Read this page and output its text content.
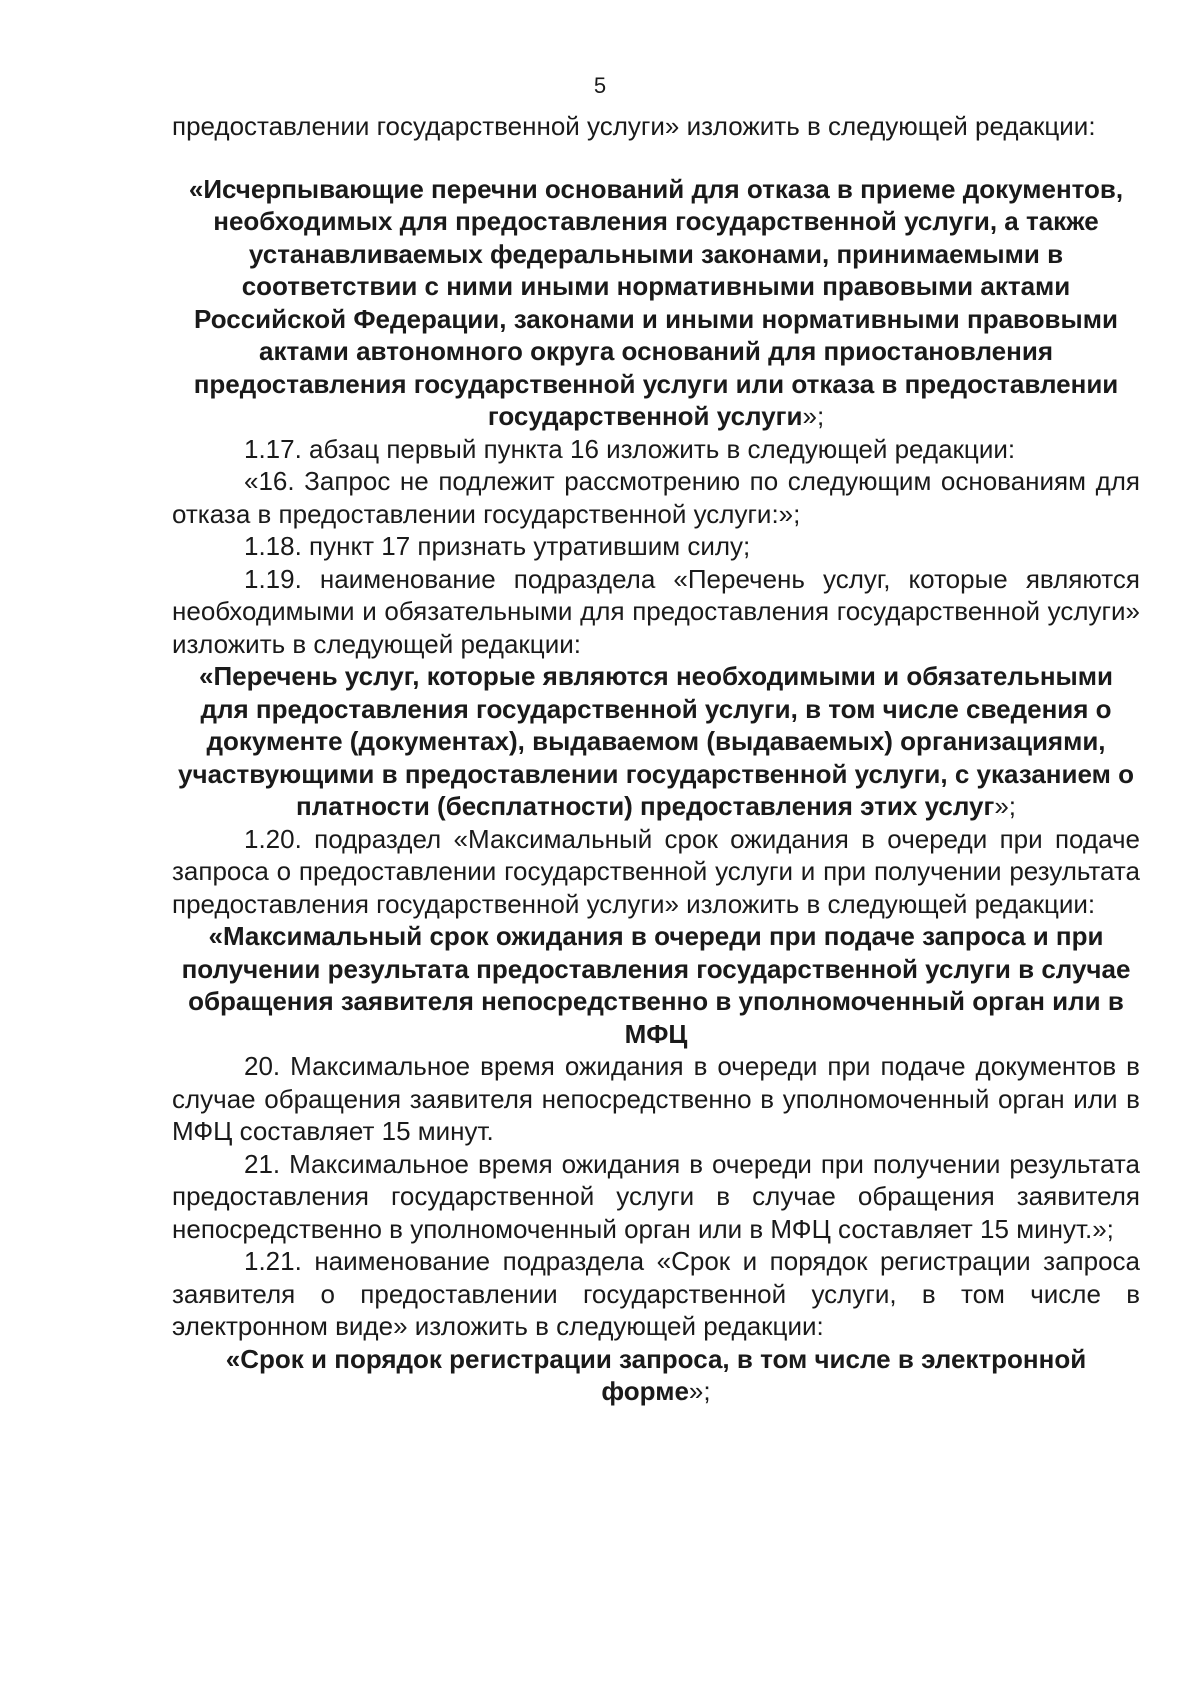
5

предоставлении государственной услуги» изложить в следующей редакции:

«Исчерпывающие перечни оснований для отказа в приеме документов, необходимых для предоставления государственной услуги, а также устанавливаемых федеральными законами, принимаемыми в соответствии с ними иными нормативными правовыми актами Российской Федерации, законами и иными нормативными правовыми актами автономного округа оснований для приостановления предоставления государственной услуги или отказа в предоставлении государственной услуги»;

1.17. абзац первый пункта 16 изложить в следующей редакции:

«16. Запрос не подлежит рассмотрению по следующим основаниям для отказа в предоставлении государственной услуги:»;

1.18. пункт 17 признать утратившим силу;

1.19. наименование подраздела «Перечень услуг, которые являются необходимыми и обязательными для предоставления государственной услуги» изложить в следующей редакции:

«Перечень услуг, которые являются необходимыми и обязательными для предоставления государственной услуги, в том числе сведения о документе (документах), выдаваемом (выдаваемых) организациями, участвующими в предоставлении государственной услуги, с указанием о платности (бесплатности) предоставления этих услуг»;

1.20. подраздел «Максимальный срок ожидания в очереди при подаче запроса о предоставлении государственной услуги и при получении результата предоставления государственной услуги» изложить в следующей редакции:

«Максимальный срок ожидания в очереди при подаче запроса и при получении результата предоставления государственной услуги в случае обращения заявителя непосредственно в уполномоченный орган или в МФЦ

20. Максимальное время ожидания в очереди при подаче документов в случае обращения заявителя непосредственно в уполномоченный орган или в МФЦ составляет 15 минут.

21. Максимальное время ожидания в очереди при получении результата предоставления государственной услуги в случае обращения заявителя непосредственно в уполномоченный орган или в МФЦ составляет 15 минут.»;

1.21. наименование подраздела «Срок и порядок регистрации запроса заявителя о предоставлении государственной услуги, в том числе в электронном виде» изложить в следующей редакции:

«Срок и порядок регистрации запроса, в том числе в электронной форме»;
